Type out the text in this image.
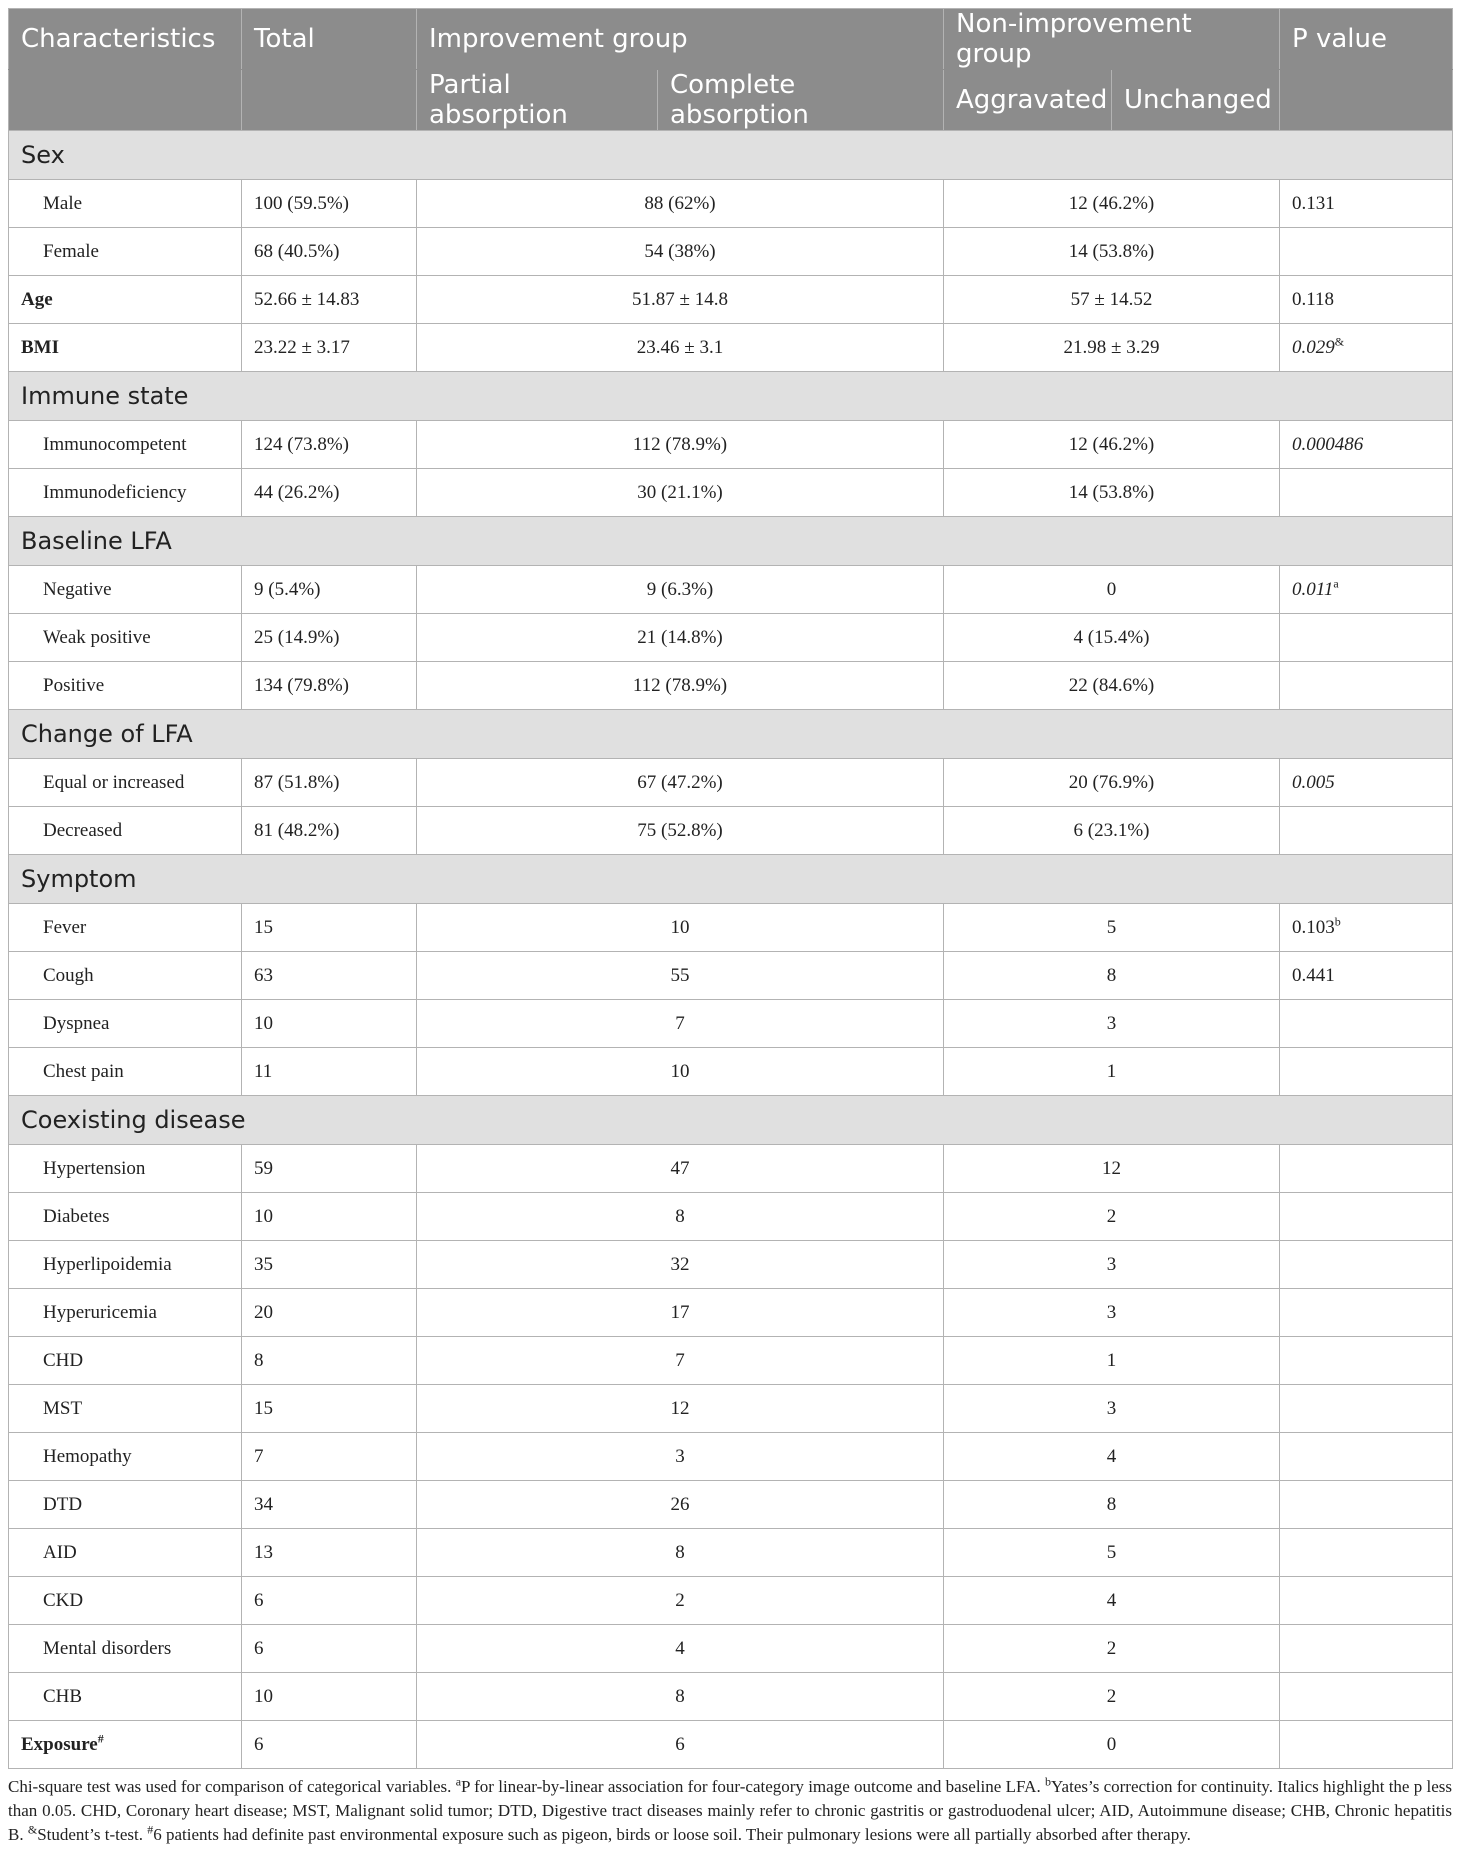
Characteristics	Total	Improvement group		Non-improvement group		P value
		Partial absorption	Complete absorption	Aggravated	Unchanged	
Sex						
Male	100 (59.5%)	88 (62%)		12 (46.2%)		0.131
Female	68 (40.5%)	54 (38%)		14 (53.8%)		
Age	52.66 ± 14.83	51.87 ± 14.8		57 ± 14.52		0.118
BMI	23.22 ± 3.17	23.46 ± 3.1		21.98 ± 3.29		0.029&
Immune state						
Immunocompetent	124 (73.8%)	112 (78.9%)		12 (46.2%)		0.000486
Immunodeficiency	44 (26.2%)	30 (21.1%)		14 (53.8%)		
Baseline LFA						
Negative	9 (5.4%)	9 (6.3%)		0		0.011$^a$
Weak positive	25 (14.9%)	21 (14.8%)		4 (15.4%)		
Positive	134 (79.8%)	112 (78.9%)		22 (84.6%)		
Change of LFA						
Equal or increased	87 (51.8%)	67 (47.2%)		20 (76.9%)		0.005
Decreased	81 (48.2%)	75 (52.8%)		6 (23.1%)		
Symptom						
Fever	15	10		5		0.103$^b$
Cough	63	55		8		0.441
Dyspnea	10	7		3		
Chest pain	11	10		1		
Coexisting disease						
Hypertension	59	47		12		
Diabetes	10	8		2		
Hyperlipoidemia	35	32		3		
Hyperuricemia	20	17		3		
CHD	8	7		1		
MST	15	12		3		
Hemopathy	7	3		4		
DTD	34	26		8		
AID	13	8		5		
CKD	6	2		4		
Mental disorders	6	4		2		
CHB	10	8		2		
Exposure#	6	6		0		
Chi-square test was used for comparison of categorical variables. $^a$P for linear-by-linear association for four-category image outcome and baseline LFA. $^b$Yates’s correction for continuity. Italics highlight the p less than 0.05. CHD, Coronary heart disease; MST, Malignant solid tumor; DTD, Digestive tract diseases mainly refer to chronic gastritis or gastroduodenal ulcer; AID, Autoimmune disease; CHB, Chronic hepatitis B. &Student’s t-test. #6 patients had definite past environmental exposure such as pigeon, birds or loose soil. Their pulmonary lesions were all partially absorbed after therapy.
